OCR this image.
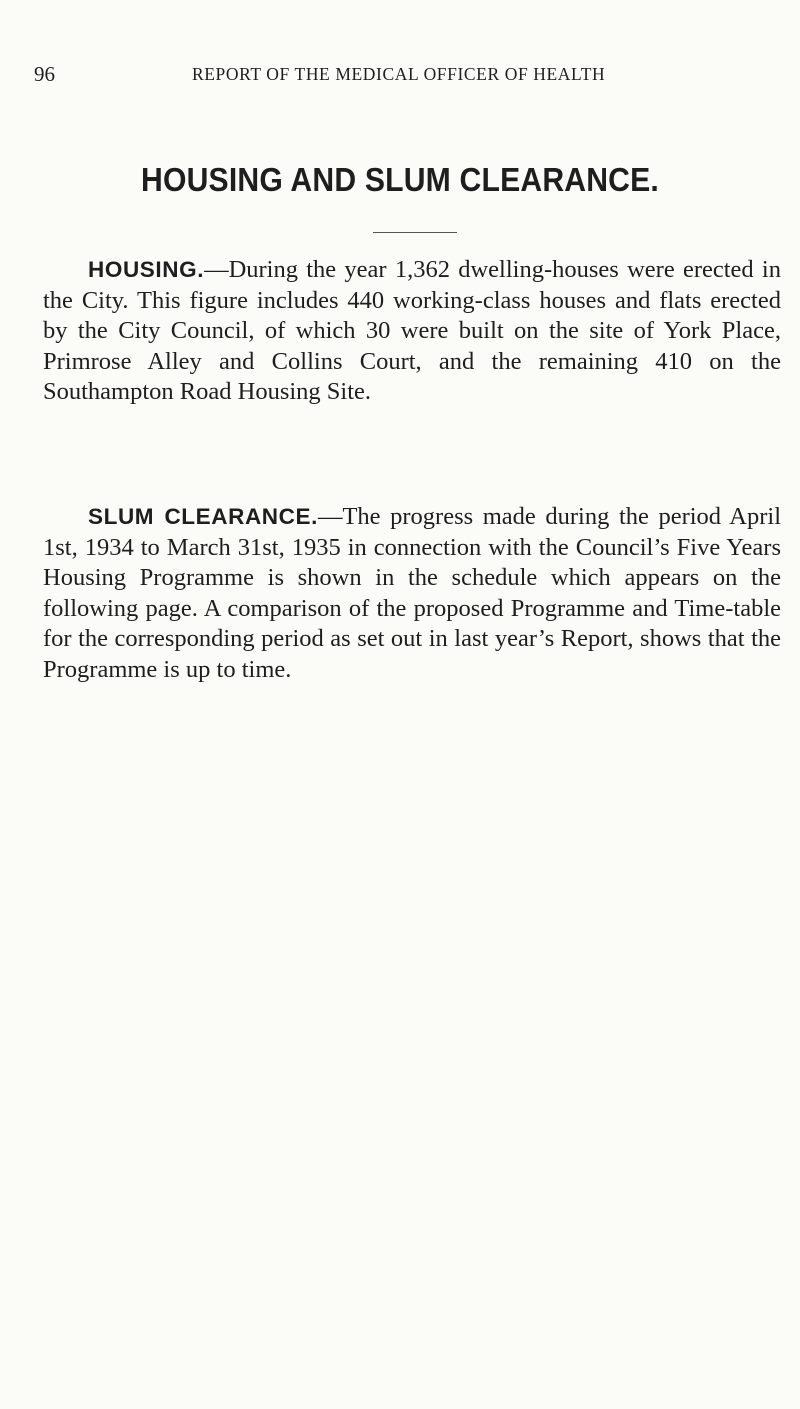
96	REPORT OF THE MEDICAL OFFICER OF HEALTH
HOUSING AND SLUM CLEARANCE.

HOUSING.—During the year 1,362 dwelling-houses were erected in the City. This figure includes 440 working-class houses and flats erected by the City Council, of which 30 were built on the site of York Place, Primrose Alley and Collins Court, and the remaining 410 on the Southampton Road Housing Site.

SLUM CLEARANCE.—The progress made during the period April 1st, 1934 to March 31st, 1935 in connection with the Council’s Five Years Housing Programme is shown in the schedule which appears on the following page. A comparison of the proposed Programme and Time-table for the corresponding period as set out in last year’s Report, shows that the Programme is up to time.
